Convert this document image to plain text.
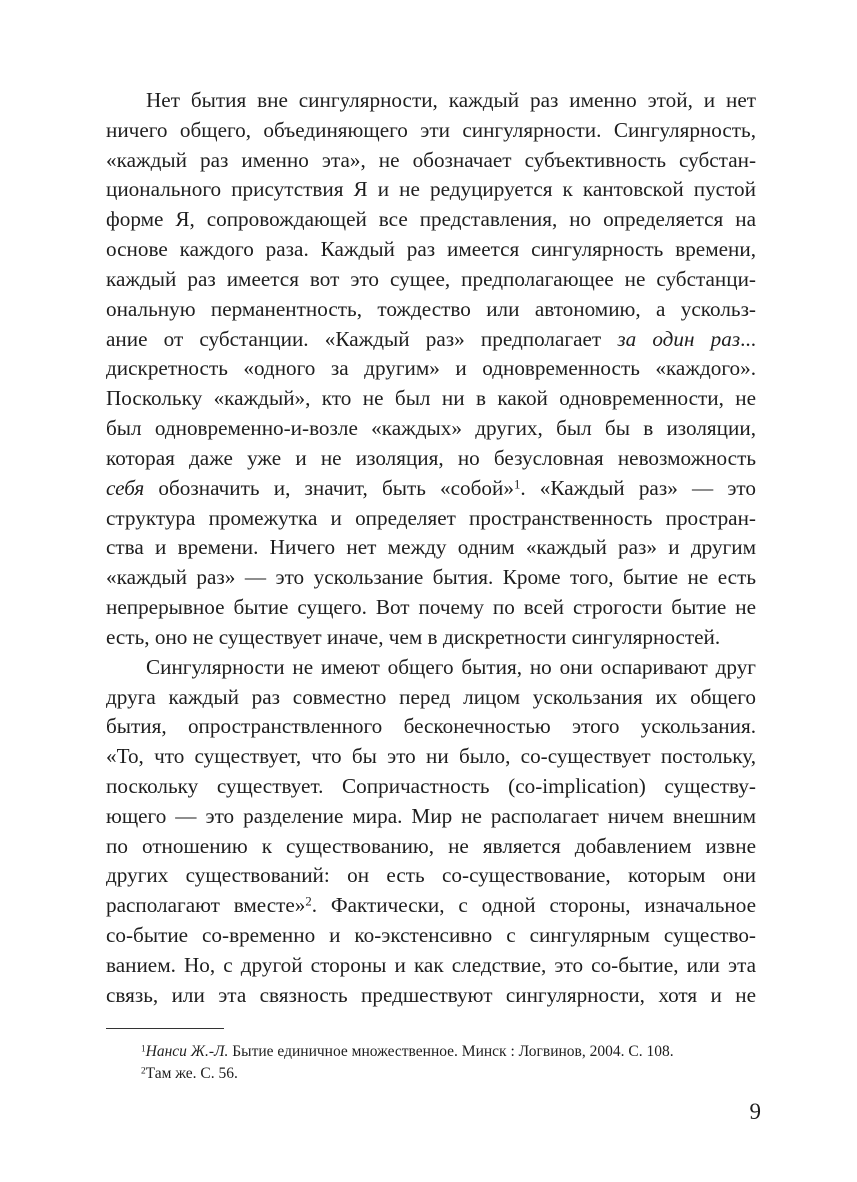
Нет бытия вне сингулярности, каждый раз именно этой, и нет
ничего общего, объединяющего эти сингулярности. Сингулярность,
«каждый раз именно эта», не обозначает субъективность субстан-
ционального присутствия Я и не редуцируется к кантовской пустой
форме Я, сопровождающей все представления, но определяется на
основе каждого раза. Каждый раз имеется сингулярность времени,
каждый раз имеется вот это сущее, предполагающее не субстанци-
ональную перманентность, тождество или автономию, а ускольз-
ание от субстанции. «Каждый раз» предполагает за один раз...
дискретность «одного за другим» и одновременность «каждого».
Поскольку «каждый», кто не был ни в какой одновременности, не
был одновременно-и-возле «каждых» других, был бы в изоляции,
которая даже уже и не изоляция, но безусловная невозможность
себя обозначить и, значит, быть «собой»$^1$. «Каждый раз» — это
структура промежутка и определяет пространственность простран-
ства и времени. Ничего нет между одним «каждый раз» и другим
«каждый раз» — это ускользание бытия. Кроме того, бытие не есть
непрерывное бытие сущего. Вот почему по всей строгости бытие не
есть, оно не существует иначе, чем в дискретности сингулярностей.
Сингулярности не имеют общего бытия, но они оспаривают друг
друга каждый раз совместно перед лицом ускользания их общего
бытия, опространствленного бесконечностью этого ускользания.
«То, что существует, что бы это ни было, со-существует постольку,
поскольку существует. Сопричастность (co-implication) существу-
ющего — это разделение мира. Мир не располагает ничем внешним
по отношению к существованию, не является добавлением извне
других существований: он есть со-существование, которым они
располагают вместе»$^2$. Фактически, с одной стороны, изначальное
со-бытие со-временно и ко-экстенсивно с сингулярным существо-
ванием. Но, с другой стороны и как следствие, это со-бытие, или эта
связь, или эта связность предшествуют сингулярности, хотя и не
$^1$Нанси Ж.-Л. Бытие единичное множественное. Минск : Логвинов, 2004. С. 108.
$^2$Там же. С. 56.
9
